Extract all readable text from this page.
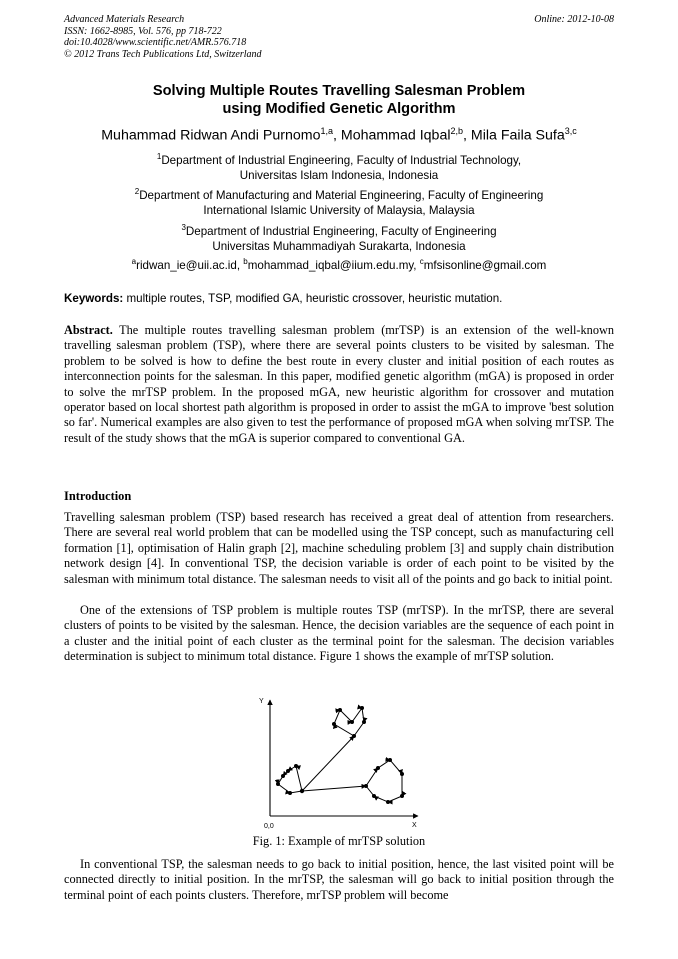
Advanced Materials Research
ISSN: 1662-8985, Vol. 576, pp 718-722
doi:10.4028/www.scientific.net/AMR.576.718
© 2012 Trans Tech Publications Ltd, Switzerland
Online: 2012-10-08
Solving Multiple Routes Travelling Salesman Problem
using Modified Genetic Algorithm
Muhammad Ridwan Andi Purnomo$^{1,a}$, Mohammad Iqbal$^{2,b}$, Mila Faila Sufa$^{3,c}$
$^1$Department of Industrial Engineering, Faculty of Industrial Technology,
Universitas Islam Indonesia, Indonesia
$^2$Department of Manufacturing and Material Engineering, Faculty of Engineering
International Islamic University of Malaysia, Malaysia
$^3$Department of Industrial Engineering, Faculty of Engineering
Universitas Muhammadiyah Surakarta, Indonesia
$^a$ridwan_ie@uii.ac.id, $^b$mohammad_iqbal@iium.edu.my, $^c$mfsisonline@gmail.com
Keywords: multiple routes, TSP, modified GA, heuristic crossover, heuristic mutation.
Abstract. The multiple routes travelling salesman problem (mrTSP) is an extension of the well-known travelling salesman problem (TSP), where there are several points clusters to be visited by salesman. The problem to be solved is how to define the best route in every cluster and initial position of each routes as interconnection points for the salesman. In this paper, modified genetic algorithm (mGA) is proposed in order to solve the mrTSP problem. In the proposed mGA, new heuristic algorithm for crossover and mutation operator based on local shortest path algorithm is proposed in order to assist the mGA to improve 'best solution so far'. Numerical examples are also given to test the performance of proposed mGA when solving mrTSP. The result of the study shows that the mGA is superior compared to conventional GA.
Introduction
Travelling salesman problem (TSP) based research has received a great deal of attention from researchers. There are several real world problem that can be modelled using the TSP concept, such as manufacturing cell formation [1], optimisation of Halin graph [2], machine scheduling problem [3] and supply chain distribution network design [4]. In conventional TSP, the decision variable is order of each point to be visited by the salesman with minimum total distance. The salesman needs to visit all of the points and go back to initial point.
One of the extensions of TSP problem is multiple routes TSP (mrTSP). In the mrTSP, there are several clusters of points to be visited by the salesman. Hence, the decision variables are the sequence of each point in a cluster and the initial point of each cluster as the terminal point for the salesman. The decision variables determination is subject to minimum total distance. Figure 1 shows the example of mrTSP solution.
Y
X
0,0
Fig. 1: Example of mrTSP solution
In conventional TSP, the salesman needs to go back to initial position, hence, the last visited point will be connected directly to initial position. In the mrTSP, the salesman will go back to initial position through the terminal point of each points clusters. Therefore, mrTSP problem will become
